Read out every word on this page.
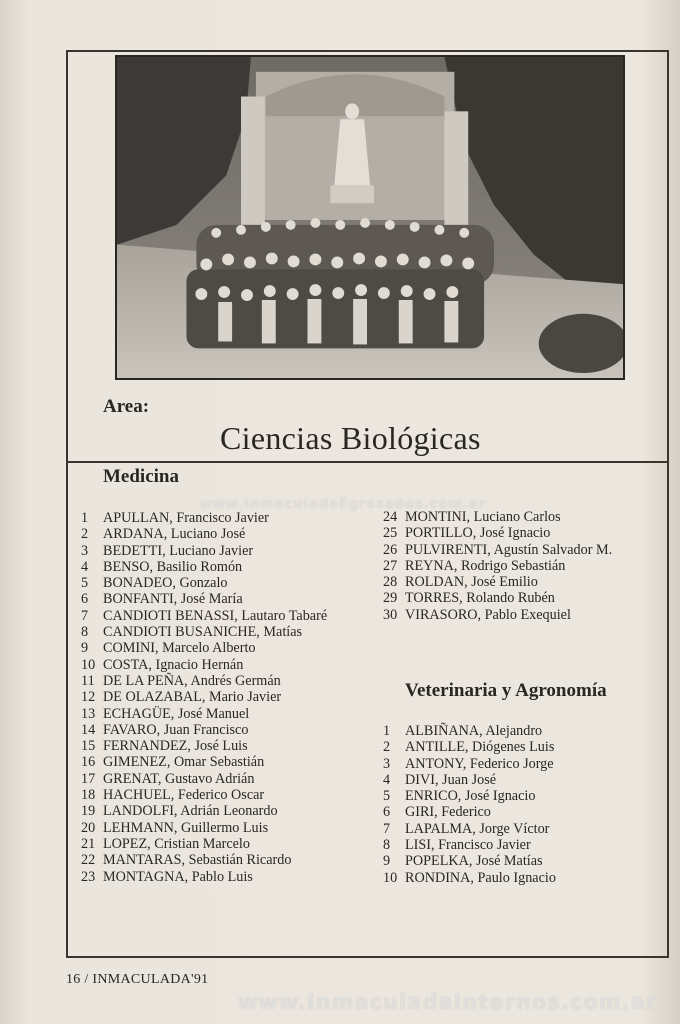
Area:
Ciencias Biológicas
Medicina
1 APULLAN, Francisco Javier
2 ARDANA, Luciano José
3 BEDETTI, Luciano Javier
4 BENSO, Basilio Romón
5 BONADEO, Gonzalo
6 BONFANTI, José María
7 CANDIOTI BENASSI, Lautaro Tabaré
8 CANDIOTI BUSANICHE, Matías
9 COMINI, Marcelo Alberto
10 COSTA, Ignacio Hernán
11 DE LA PEÑA, Andrés Germán
12 DE OLAZABAL, Mario Javier
13 ECHAGÜE, José Manuel
14 FAVARO, Juan Francisco
15 FERNANDEZ, José Luis
16 GIMENEZ, Omar Sebastián
17 GRENAT, Gustavo Adrián
18 HACHUEL, Federico Oscar
19 LANDOLFI, Adrián Leonardo
20 LEHMANN, Guillermo Luis
21 LOPEZ, Cristian Marcelo
22 MANTARAS, Sebastián Ricardo
23 MONTAGNA, Pablo Luis
24 MONTINI, Luciano Carlos
25 PORTILLO, José Ignacio
26 PULVIRENTI, Agustín Salvador M.
27 REYNA, Rodrigo Sebastián
28 ROLDAN, José Emilio
29 TORRES, Rolando Rubén
30 VIRASORO, Pablo Exequiel
Veterinaria y Agronomía
1 ALBIÑANA, Alejandro
2 ANTILLE, Diógenes Luis
3 ANTONY, Federico Jorge
4 DIVI, Juan José
5 ENRICO, José Ignacio
6 GIRI, Federico
7 LAPALMA, Jorge Víctor
8 LISI, Francisco Javier
9 POPELKA, José Matías
10 RONDINA, Paulo Ignacio
16 / INMACULADA'91
www.InmaculadaEgresados.com.ar
www.InmaculadaInternos.com.ar
